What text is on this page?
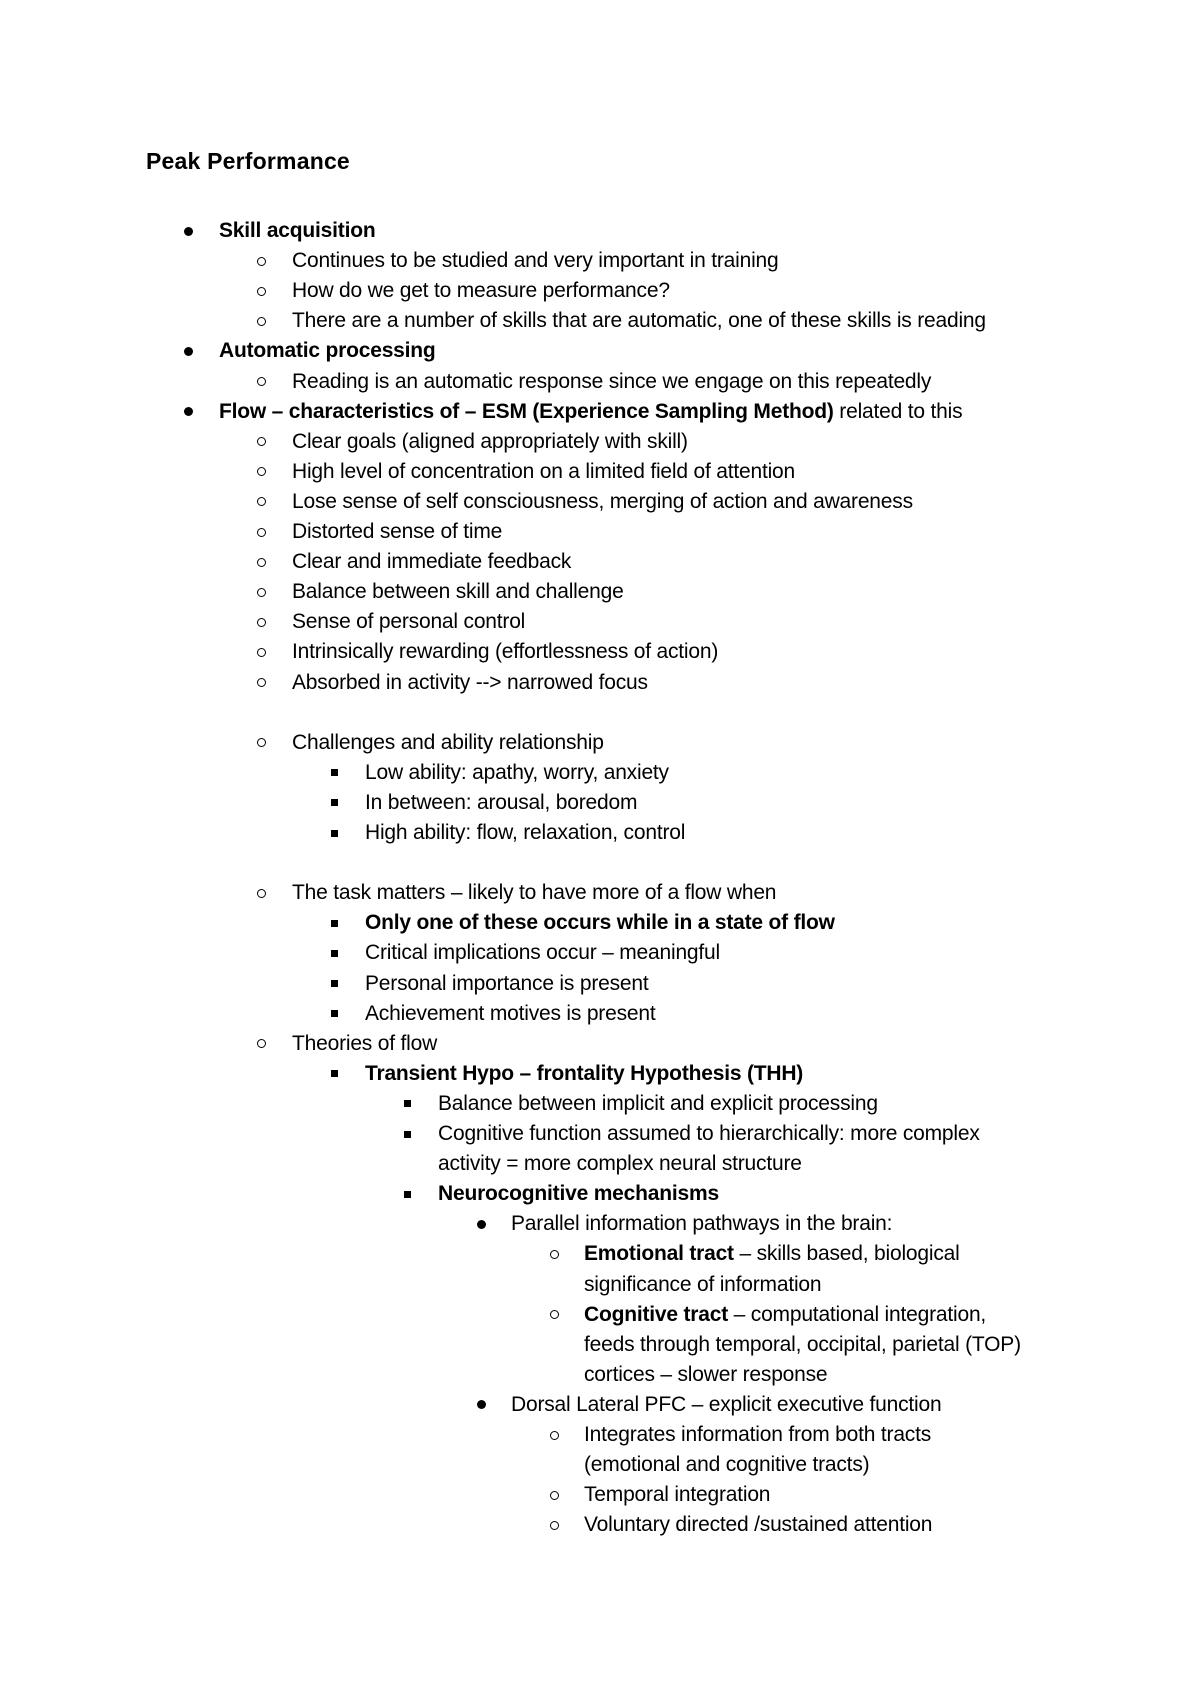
Peak Performance
Skill acquisition
Continues to be studied and very important in training
How do we get to measure performance?
There are a number of skills that are automatic, one of these skills is reading
Automatic processing
Reading is an automatic response since we engage on this repeatedly
Flow – characteristics of – ESM (Experience Sampling Method) related to this
Clear goals (aligned appropriately with skill)
High level of concentration on a limited field of attention
Lose sense of self consciousness, merging of action and awareness
Distorted sense of time
Clear and immediate feedback
Balance between skill and challenge
Sense of personal control
Intrinsically rewarding (effortlessness of action)
Absorbed in activity --> narrowed focus
Challenges and ability relationship
Low ability: apathy, worry, anxiety
In between: arousal, boredom
High ability: flow, relaxation, control
The task matters – likely to have more of a flow when
Only one of these occurs while in a state of flow
Critical implications occur – meaningful
Personal importance is present
Achievement motives is present
Theories of flow
Transient Hypo – frontality Hypothesis (THH)
Balance between implicit and explicit processing
Cognitive function assumed to hierarchically: more complex
activity = more complex neural structure
Neurocognitive mechanisms
Parallel information pathways in the brain:
Emotional tract – skills based, biological
significance of information
Cognitive tract – computational integration,
feeds through temporal, occipital, parietal (TOP)
cortices – slower response
Dorsal Lateral PFC – explicit executive function
Integrates information from both tracts
(emotional and cognitive tracts)
Temporal integration
Voluntary directed /sustained attention
